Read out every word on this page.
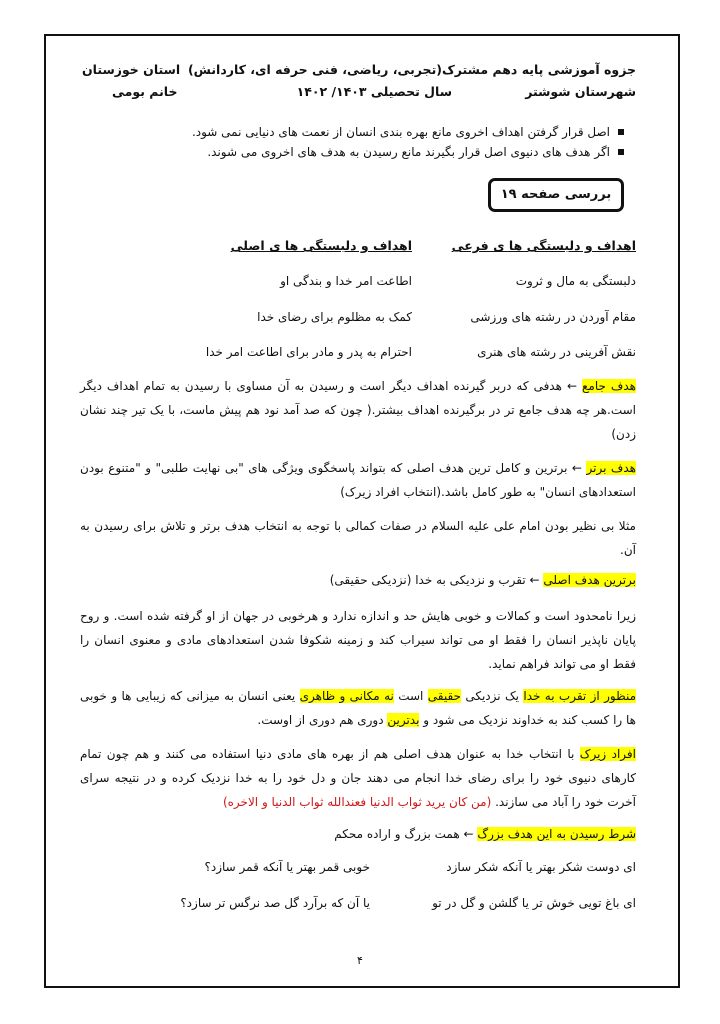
جزوه آموزشی پایه دهم مشترک(تجربی، ریاضی، فنی حرفه ای، کاردانش)
استان خوزستان
شهرستان شوشتر
سال تحصیلی ۱۴۰۳/ ۱۴۰۲
خانم بومی
اصل قرار گرفتن اهداف اخروی مانع بهره بندی انسان از نعمت های دنیایی نمی شود.
اگر هدف های دنیوی اصل قرار بگیرند مانع رسیدن به هدف های اخروی می شوند.
بررسی صفحه ۱۹
اهداف و دلبستگی ها ی فرعی
اهداف و دلبستگی ها ی اصلی
دلبستگی به مال و ثروت
اطاعت امر خدا و بندگی او
مقام آوردن در رشته های ورزشی
کمک به مظلوم برای رضای خدا
نقش آفرینی در رشته های هنری
احترام به پدر و مادر برای اطاعت امر خدا
هدف جامع ← هدفی که دربر گیرنده اهداف دیگر است و رسیدن به آن مساوی با رسیدن به تمام اهداف دیگر است.هر چه هدف جامع تر در برگیرنده اهداف بیشتر.( چون که صد آمد نود هم پیش ماست، با یک تیر چند نشان زدن)
هدف برتر ← برترین و کامل ترین هدف اصلی که بتواند پاسخگوی ویژگی های "بی نهایت طلبی" و "متنوع بودن استعدادهای انسان" به طور کامل باشد.(انتخاب افراد زیرک)
مثلا بی نظیر بودن امام علی علیه السلام در صفات کمالی با توجه به انتخاب هدف برتر و تلاش برای رسیدن به آن.
برترین هدف اصلی ← تقرب و نزدیکی به خدا (نزدیکی حقیقی)
زیرا نامحدود است و کمالات و خوبی هایش حد و اندازه ندارد و هرخوبی در جهان از او گرفته شده است. و روح پایان ناپذیر انسان را فقط او می تواند سیراب کند و زمینه شکوفا شدن استعدادهای مادی و معنوی انسان را فقط او می تواند فراهم نماید.
منظور از تقرب به خدا یک نزدیکی حقیقی است نه مکانی و ظاهری یعنی انسان به میزانی که زیبایی ها و خوبی ها را کسب کند به خداوند نزدیک می شود و بدترین دوری هم دوری از اوست.
افراد زیرک با انتخاب خدا به عنوان هدف اصلی هم از بهره های مادی دنیا استفاده می کنند و هم چون تمام کارهای دنیوی خود را برای رضای خدا انجام می دهند جان و دل خود را به خدا نزدیک کرده و در نتیجه سرای آخرت خود را آباد می سازند. (من کان یرید ثواب الدنیا فعندالله ثواب الدنیا و الاخره)
شرط رسیدن به این هدف بزرگ ← همت بزرگ و اراده محکم
ای دوست شکر بهتر یا آنکه شکر سازد
خوبی قمر بهتر یا آنکه قمر سازد؟
ای باغ تویی خوش تر یا گلشن و گل در تو
یا آن که برآرد گل صد نرگس تر سازد؟
۴
